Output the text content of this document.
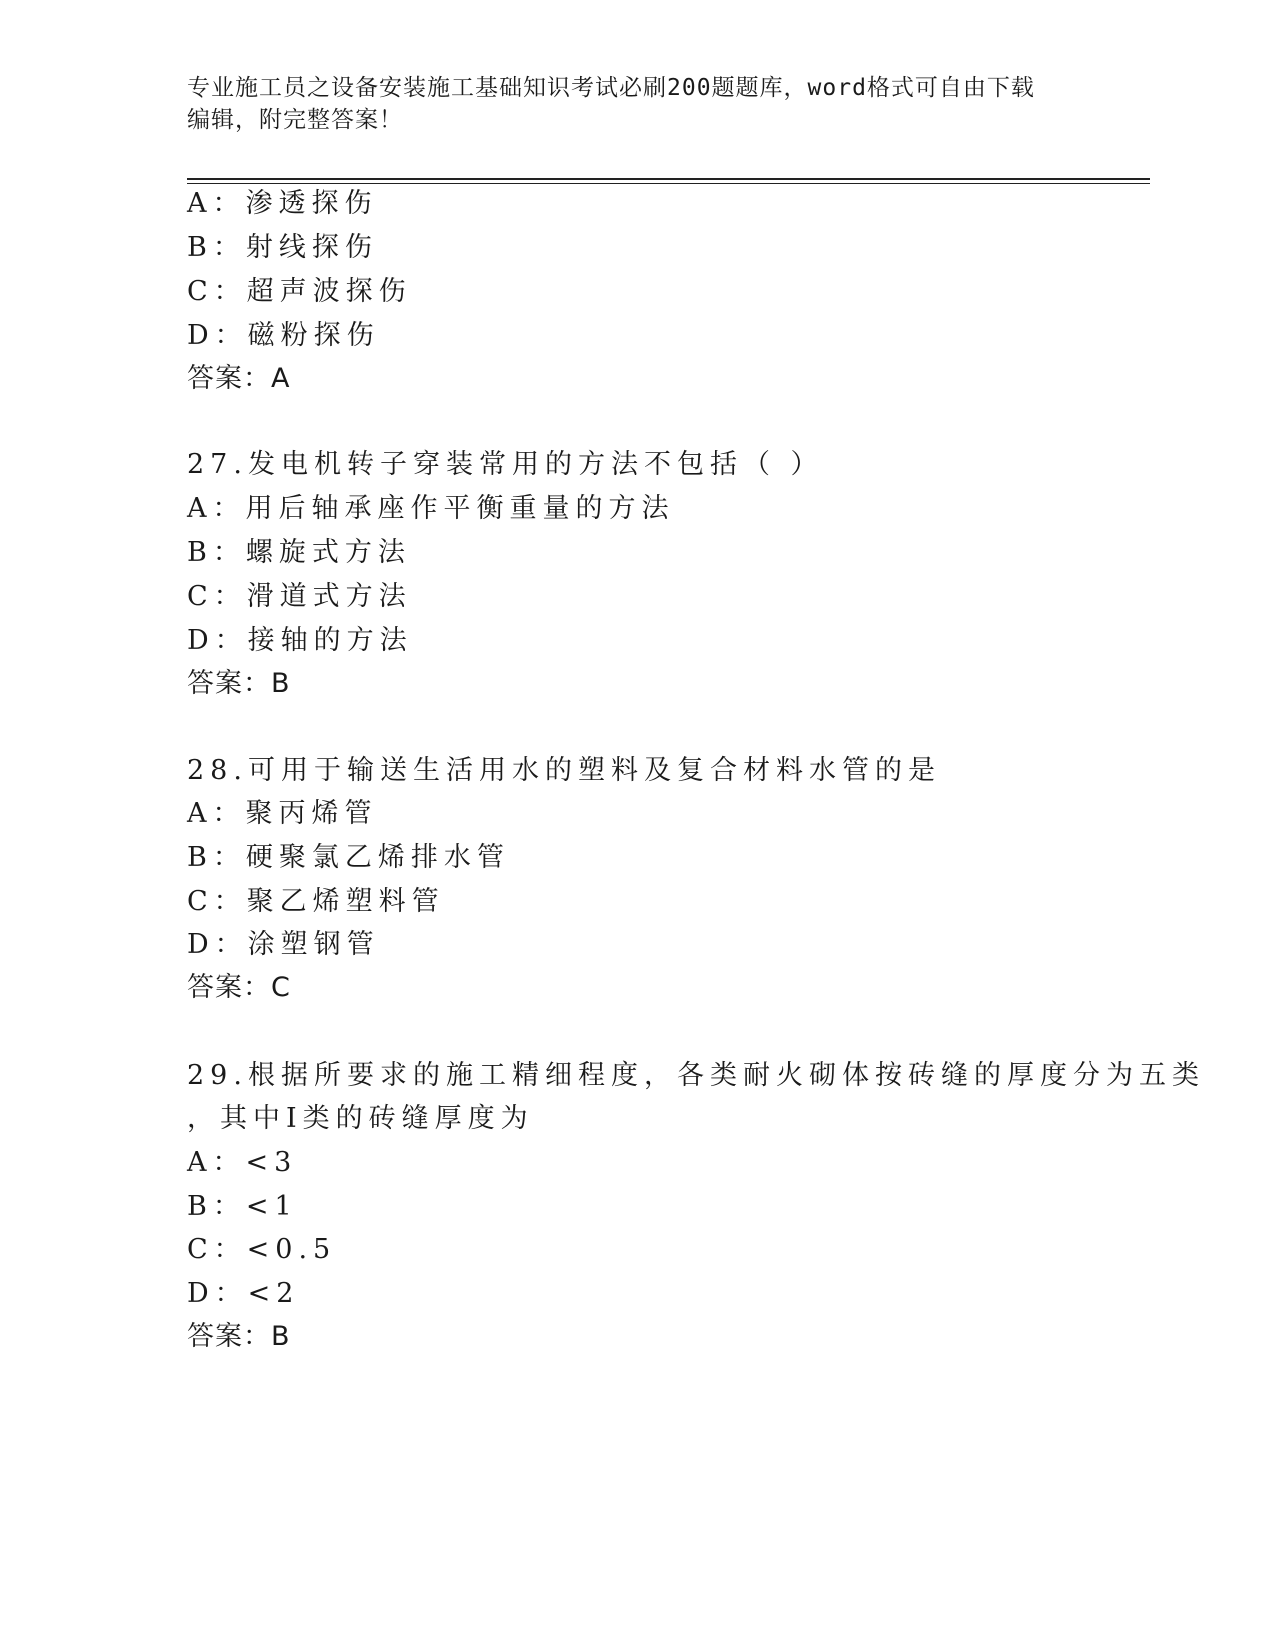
专业施工员之设备安装施工基础知识考试必刷200题题库，word格式可自由下载
编辑，附完整答案！
A：渗透探伤
B：射线探伤
C：超声波探伤
D：磁粉探伤
答案：A
27.发电机转子穿装常用的方法不包括（ ）
A：用后轴承座作平衡重量的方法
B：螺旋式方法
C：滑道式方法
D：接轴的方法
答案：B
28.可用于输送生活用水的塑料及复合材料水管的是
A：聚丙烯管
B：硬聚氯乙烯排水管
C：聚乙烯塑料管
D：涂塑钢管
答案：C
29.根据所要求的施工精细程度，各类耐火砌体按砖缝的厚度分为五类
，其中Ⅰ类的砖缝厚度为
A：<3
B：<1
C：<0.5
D：<2
答案：B
